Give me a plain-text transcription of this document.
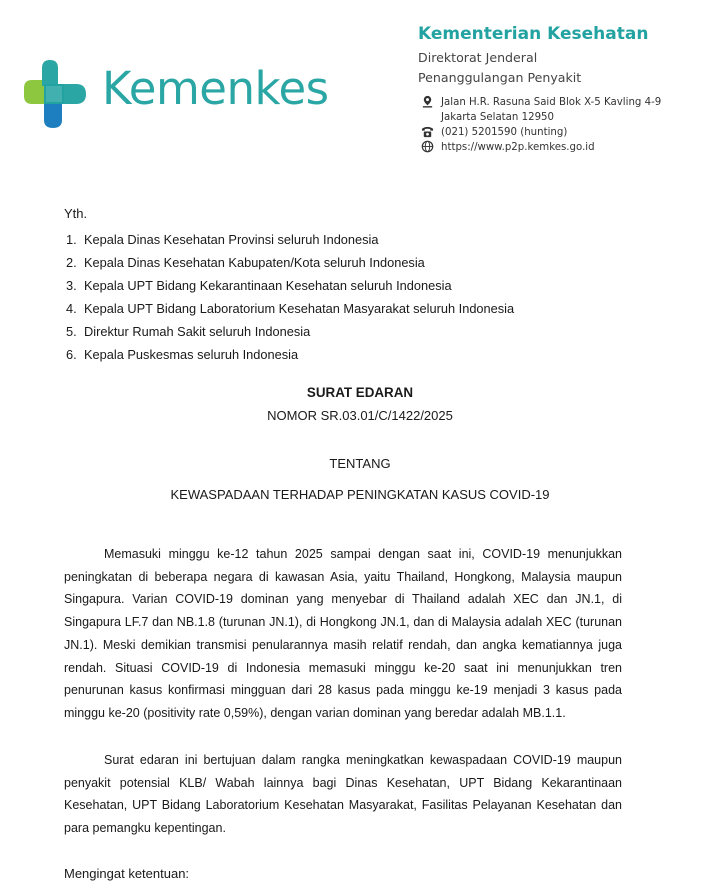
Kemenkes

Kementerian Kesehatan

Direktorat Jenderal

Penanggulangan Penyakit

Jalan H.R. Rasuna Said Blok X-5 Kavling 4-9
Jakarta Selatan 12950
(021) 5201590 (hunting)
https://www.p2p.kemkes.go.id
Yth.
1. Kepala Dinas Kesehatan Provinsi seluruh Indonesia
2. Kepala Dinas Kesehatan Kabupaten/Kota seluruh Indonesia
3. Kepala UPT Bidang Kekarantinaan Kesehatan seluruh Indonesia
4. Kepala UPT Bidang Laboratorium Kesehatan Masyarakat seluruh Indonesia
5. Direktur Rumah Sakit seluruh Indonesia
6. Kepala Puskesmas seluruh Indonesia
SURAT EDARAN
NOMOR SR.03.01/C/1422/2025
TENTANG
KEWASPADAAN TERHADAP PENINGKATAN KASUS COVID-19

Memasuki minggu ke-12 tahun 2025 sampai dengan saat ini, COVID-19 menunjukkan peningkatan di beberapa negara di kawasan Asia, yaitu Thailand, Hongkong, Malaysia maupun Singapura. Varian COVID-19 dominan yang menyebar di Thailand adalah XEC dan JN.1, di Singapura LF.7 dan NB.1.8 (turunan JN.1), di Hongkong JN.1, dan di Malaysia adalah XEC (turunan JN.1). Meski demikian transmisi penularannya masih relatif rendah, dan angka kematiannya juga rendah. Situasi COVID-19 di Indonesia memasuki minggu ke-20 saat ini menunjukkan tren penurunan kasus konfirmasi mingguan dari 28 kasus pada minggu ke-19 menjadi 3 kasus pada minggu ke-20 (positivity rate 0,59%), dengan varian dominan yang beredar adalah MB.1.1.

Surat edaran ini bertujuan dalam rangka meningkatkan kewaspadaan COVID-19 maupun penyakit potensial KLB/ Wabah lainnya bagi Dinas Kesehatan, UPT Bidang Kekarantinaan Kesehatan, UPT Bidang Laboratorium Kesehatan Masyarakat, Fasilitas Pelayanan Kesehatan dan para pemangku kepentingan.

Mengingat ketentuan:
